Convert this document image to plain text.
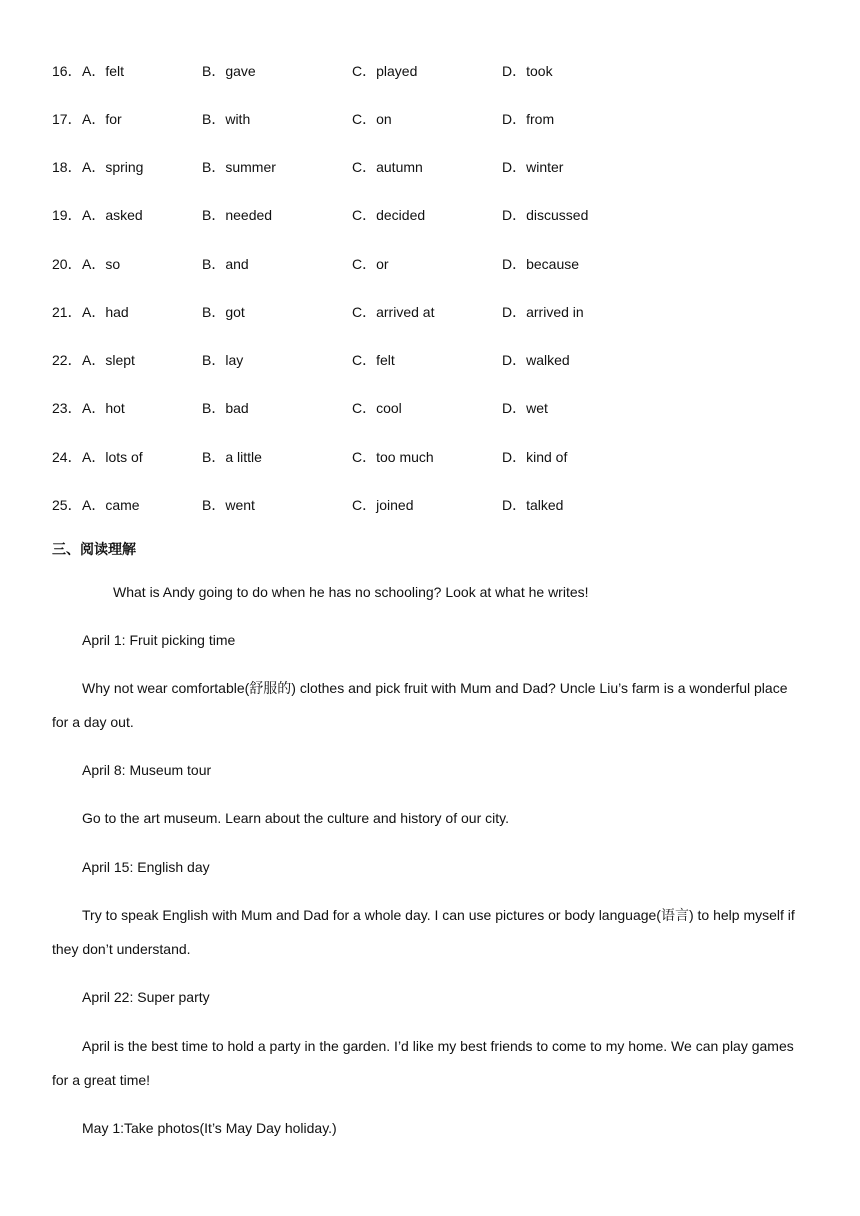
16． A．felt	B．gave	C．played	D．took
17． A．for	B．with	C．on	D．from
18． A．spring	B．summer	C．autumn	D．winter
19． A．asked	B．needed	C．decided	D．discussed
20． A．so	B．and	C．or	D．because
21． A．had	B．got	C．arrived at	D．arrived in
22． A．slept	B．lay	C．felt	D．walked
23． A．hot	B．bad	C．cool	D．wet
24． A．lots of	B．a little	C．too much	D．kind of
25． A．came	B．went	C．joined	D．talked
三、阅读理解

What is Andy going to do when he has no schooling? Look at what he writes!

April 1: Fruit picking time

Why not wear comfortable(舒服的) clothes and pick fruit with Mum and Dad? Uncle Liu’s farm is a wonderful place for a day out.

April 8: Museum tour

Go to the art museum. Learn about the culture and history of our city.

April 15: English day

Try to speak English with Mum and Dad for a whole day. I can use pictures or body language(语言) to help myself if they don’t understand.

April 22: Super party

April is the best time to hold a party in the garden. I’d like my best friends to come to my home. We can play games for a great time!

May 1:Take photos(It’s May Day holiday.)
